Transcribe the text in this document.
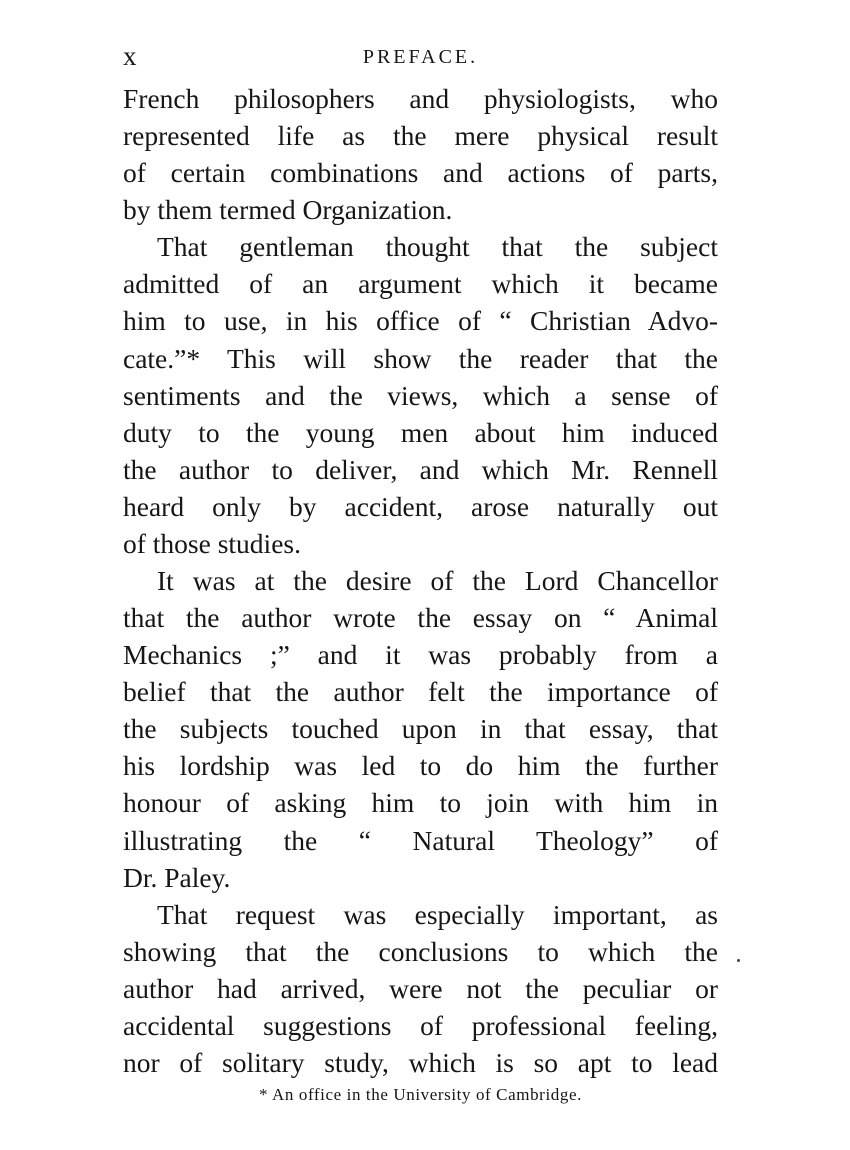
x	PREFACE.
French philosophers and physiologists, who
represented life as the mere physical result
of certain combinations and actions of parts,
by them termed Organization.
That gentleman thought that the subject
admitted of an argument which it became
him to use, in his office of “ Christian Advo-
cate.”* This will show the reader that the
sentiments and the views, which a sense of
duty to the young men about him induced
the author to deliver, and which Mr. Rennell
heard only by accident, arose naturally out
of those studies.
It was at the desire of the Lord Chancellor
that the author wrote the essay on “ Animal
Mechanics ;” and it was probably from a
belief that the author felt the importance of
the subjects touched upon in that essay, that
his lordship was led to do him the further
honour of asking him to join with him in
illustrating the “ Natural Theology” of
Dr. Paley.
That request was especially important, as
showing that the conclusions to which the
author had arrived, were not the peculiar or
accidental suggestions of professional feeling,
nor of solitary study, which is so apt to lead
* An office in the University of Cambridge.
